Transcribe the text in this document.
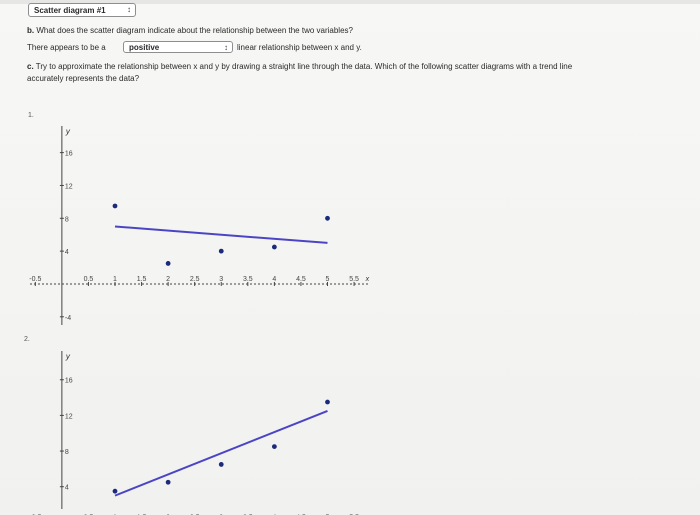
Scatter diagram #1	↕
b. What does the scatter diagram indicate about the relationship between the two variables?
There appears to be a	positive	↕ linear relationship between x and y.
c. Try to approximate the relationship between x and y by drawing a straight line through the data. Which of the following scatter diagrams with a trend line
accurately represents the data?
1.
2.
y
16
12
8
4
-4
-0.5	0.5	1	1.5	2	2.5	3	3.5	4	4.5	5	5.5 x
y
16
12
8
4
